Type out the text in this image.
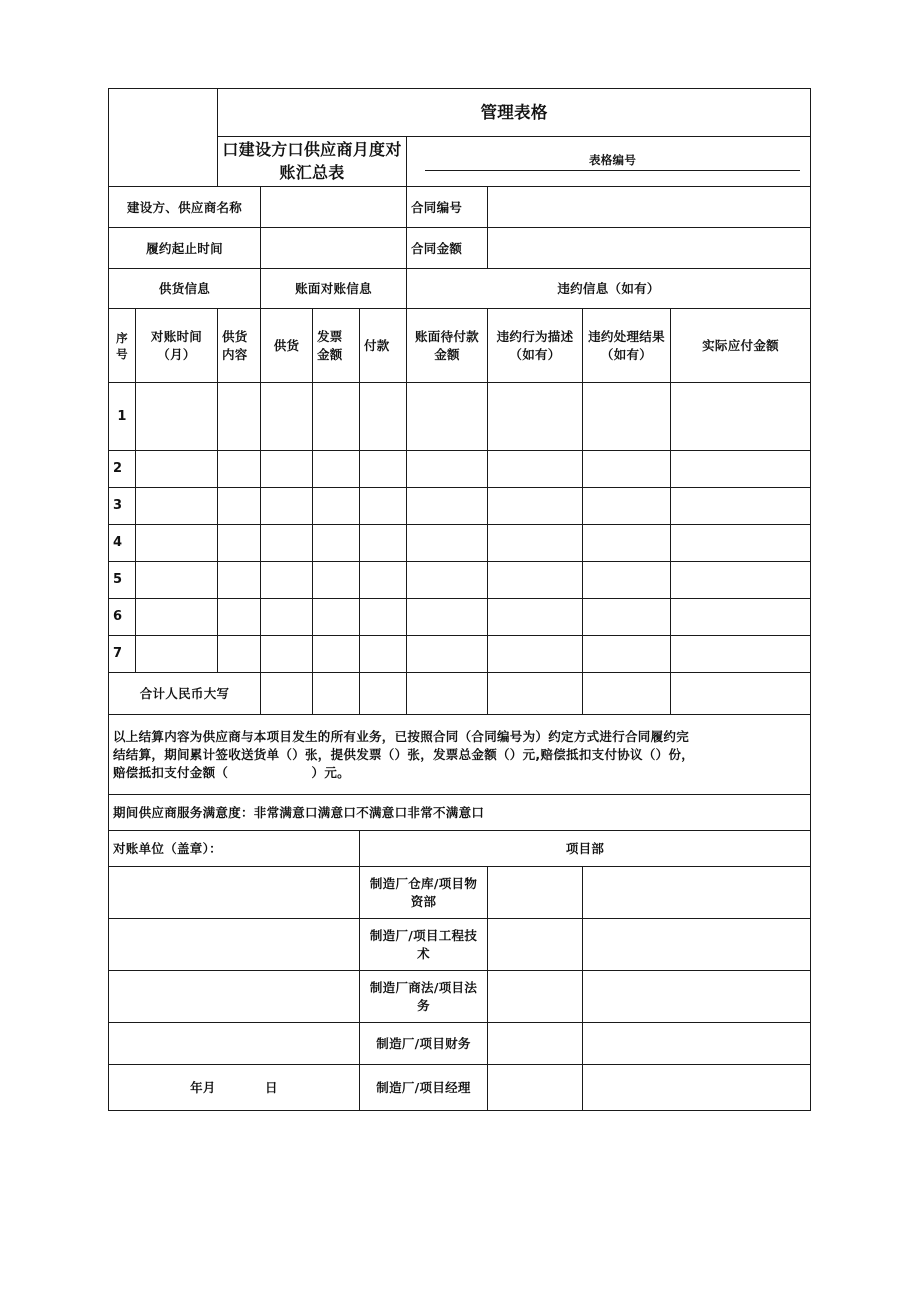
		管理表格							
		口建设方口供应商月度对账汇总表				表格编号			

建设方、供应商名称						合同编号			
履约起止时间						合同金额			
供货信息			账面对账信息			违约信息（如有）			
序号	对账时间（月）	供货内容	供货	发票金额	付款	账面待付款金额	违约行为描述（如有）	违约处理结果（如有）	实际应付金额
1									
2									
3									
4									
5									
6									
7									
合计人民币大写									

以上结算内容为供应商与本项目发生的所有业务，已按照合同（合同编号为）约定方式进行合同履约完
结结算，期间累计签收送货单（）张，提供发票（）张，发票总金额（）元,赔偿抵扣支付协议（）份，
赔偿抵扣支付金额（ ）元。									

期间供应商服务满意度：非常满意口满意口不满意口非常不满意口									
对账单位（盖章）：					项目部				
					制造厂仓库/项目物资部				
					制造厂/项目工程技术				
					制造厂商法/项目法务				
					制造厂/项目财务				
年月 日					制造厂/项目经理				
